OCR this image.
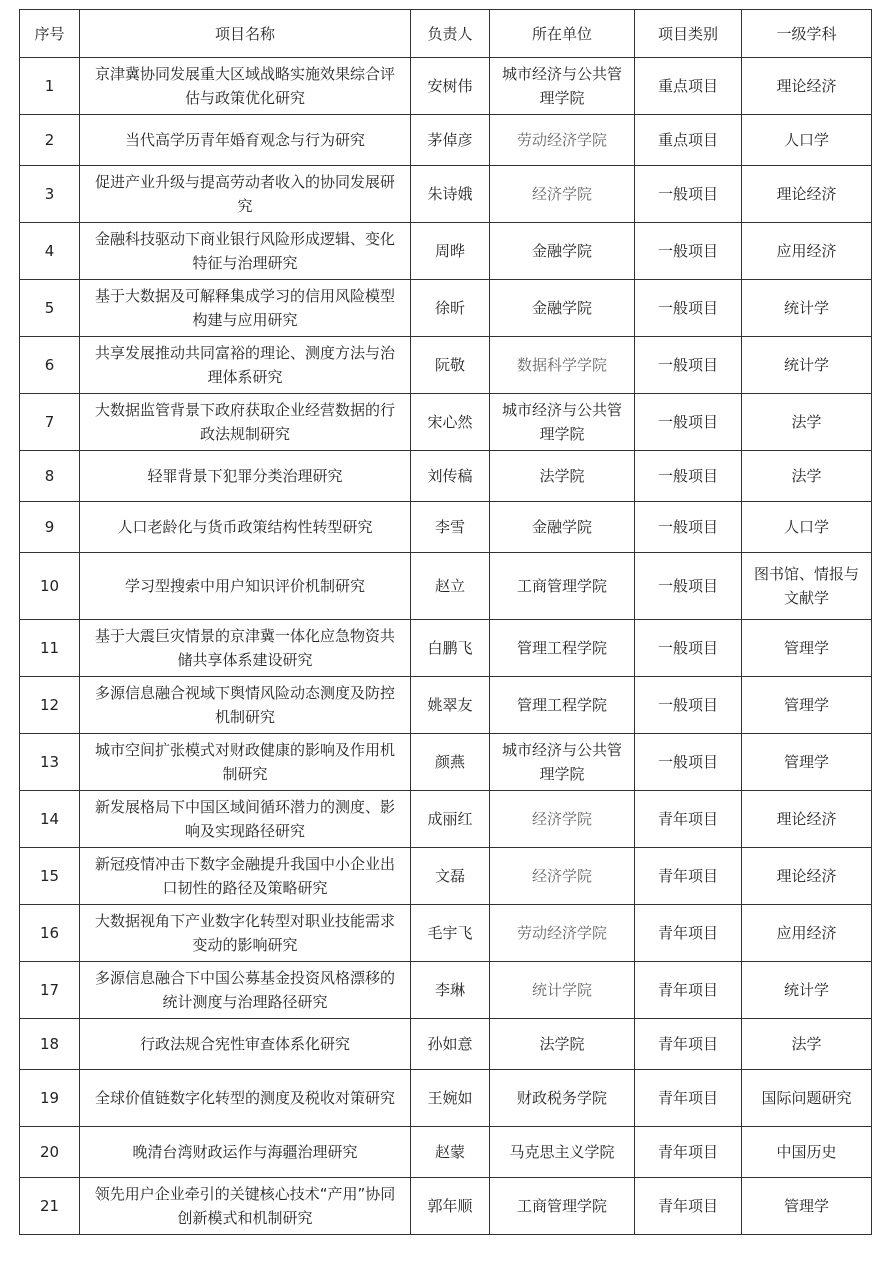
序号	项目名称	负责人	所在单位	项目类别	一级学科
1	京津冀协同发展重大区域战略实施效果综合评估与政策优化研究	安树伟	城市经济与公共管理学院	重点项目	理论经济
2	当代高学历青年婚育观念与行为研究	茅倬彦	劳动经济学院	重点项目	人口学
3	促进产业升级与提高劳动者收入的协同发展研究	朱诗娥	经济学院	一般项目	理论经济
4	金融科技驱动下商业银行风险形成逻辑、变化特征与治理研究	周晔	金融学院	一般项目	应用经济
5	基于大数据及可解释集成学习的信用风险模型构建与应用研究	徐昕	金融学院	一般项目	统计学
6	共享发展推动共同富裕的理论、测度方法与治理体系研究	阮敬	数据科学学院	一般项目	统计学
7	大数据监管背景下政府获取企业经营数据的行政法规制研究	宋心然	城市经济与公共管理学院	一般项目	法学
8	轻罪背景下犯罪分类治理研究	刘传稿	法学院	一般项目	法学
9	人口老龄化与货币政策结构性转型研究	李雪	金融学院	一般项目	人口学
10	学习型搜索中用户知识评价机制研究	赵立	工商管理学院	一般项目	图书馆、情报与文献学
11	基于大震巨灾情景的京津冀一体化应急物资共储共享体系建设研究	白鹏飞	管理工程学院	一般项目	管理学
12	多源信息融合视域下舆情风险动态测度及防控机制研究	姚翠友	管理工程学院	一般项目	管理学
13	城市空间扩张模式对财政健康的影响及作用机制研究	颜燕	城市经济与公共管理学院	一般项目	管理学
14	新发展格局下中国区域间循环潜力的测度、影响及实现路径研究	成丽红	经济学院	青年项目	理论经济
15	新冠疫情冲击下数字金融提升我国中小企业出口韧性的路径及策略研究	文磊	经济学院	青年项目	理论经济
16	大数据视角下产业数字化转型对职业技能需求变动的影响研究	毛宇飞	劳动经济学院	青年项目	应用经济
17	多源信息融合下中国公募基金投资风格漂移的统计测度与治理路径研究	李琳	统计学院	青年项目	统计学
18	行政法规合宪性审查体系化研究	孙如意	法学院	青年项目	法学
19	全球价值链数字化转型的测度及税收对策研究	王婉如	财政税务学院	青年项目	国际问题研究
20	晚清台湾财政运作与海疆治理研究	赵蒙	马克思主义学院	青年项目	中国历史
21	领先用户企业牵引的关键核心技术“产用”协同创新模式和机制研究	郭年顺	工商管理学院	青年项目	管理学
